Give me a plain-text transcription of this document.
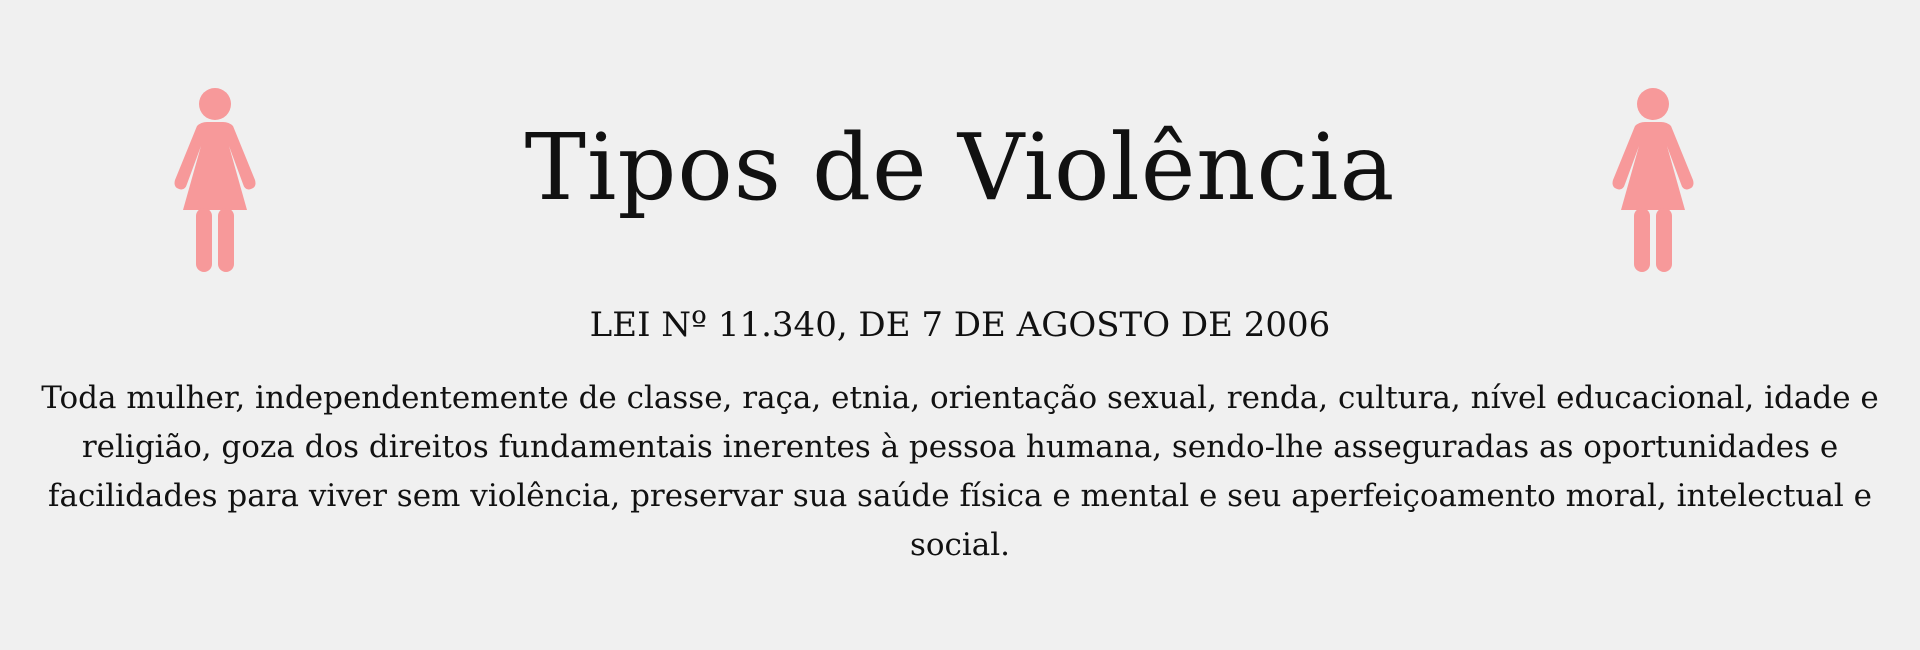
Tipos de Violência

LEI Nº 11.340, DE 7 DE AGOSTO DE 2006

Toda mulher, independentemente de classe, raça, etnia, orientação sexual, renda, cultura, nível educacional, idade e religião, goza dos direitos fundamentais inerentes à pessoa humana, sendo-lhe asseguradas as oportunidades e facilidades para viver sem violência, preservar sua saúde física e mental e seu aperfeiçoamento moral, intelectual e social.
